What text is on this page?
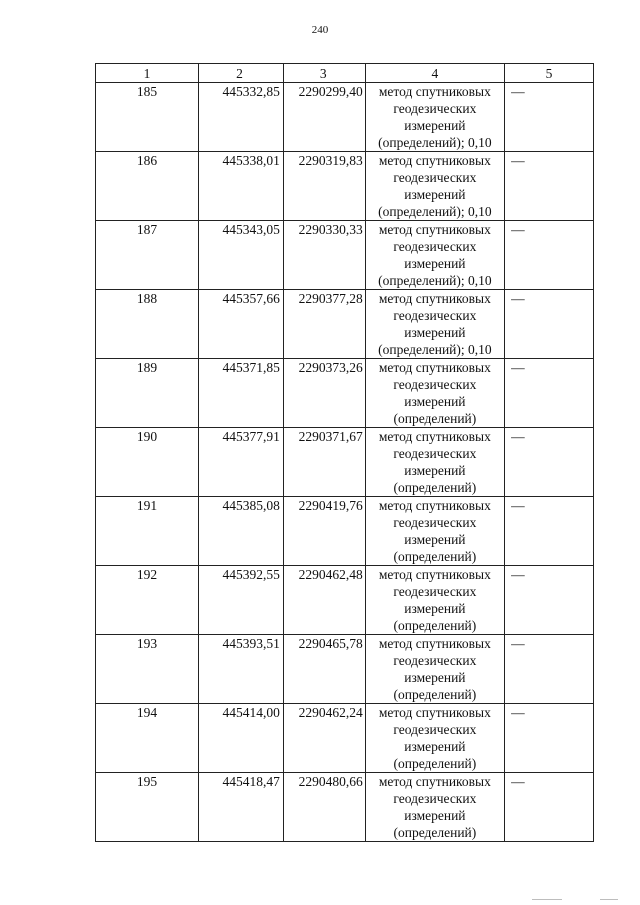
240
1	2	3	4	5
185	445332,85	2290299,40	метод спутниковых
геодезических
измерений
(определений); 0,10	—
186	445338,01	2290319,83	метод спутниковых
геодезических
измерений
(определений); 0,10	—
187	445343,05	2290330,33	метод спутниковых
геодезических
измерений
(определений); 0,10	—
188	445357,66	2290377,28	метод спутниковых
геодезических
измерений
(определений); 0,10	—
189	445371,85	2290373,26	метод спутниковых
геодезических
измерений
(определений)	—
190	445377,91	2290371,67	метод спутниковых
геодезических
измерений
(определений)	—
191	445385,08	2290419,76	метод спутниковых
геодезических
измерений
(определений)	—
192	445392,55	2290462,48	метод спутниковых
геодезических
измерений
(определений)	—
193	445393,51	2290465,78	метод спутниковых
геодезических
измерений
(определений)	—
194	445414,00	2290462,24	метод спутниковых
геодезических
измерений
(определений)	—
195	445418,47	2290480,66	метод спутниковых
геодезических
измерений
(определений)	—
